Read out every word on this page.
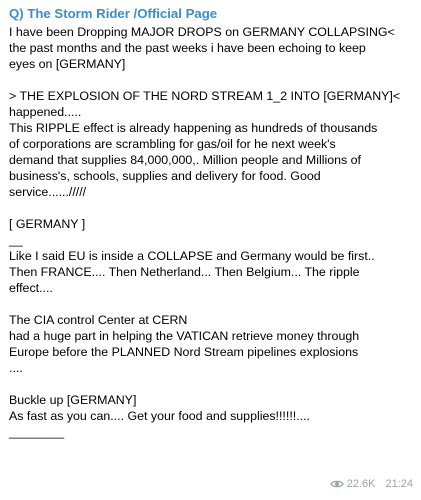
Q) The Storm Rider /Official Page
I have been Dropping MAJOR DROPS on GERMANY COLLAPSING<
the past months and the past weeks i have been echoing to keep
eyes on [GERMANY]
> THE EXPLOSION OF THE NORD STREAM 1_2 INTO [GERMANY]<
happened.....
This RIPPLE effect is already happening as hundreds of thousands
of corporations are scrambling for gas/oil for he next week's
demand that supplies 84,000,000,. Million people and Millions of
business's, schools, supplies and delivery for food. Good
service....../////
[ GERMANY ]
__
Like I said EU is inside a COLLAPSE and Germany would be first..
Then FRANCE.... Then Netherland... Then Belgium... The ripple
effect....
The CIA control Center at CERN
had a huge part in helping the VATICAN retrieve money through
Europe before the PLANNED Nord Stream pipelines explosions
....
Buckle up [GERMANY]
As fast as you can.... Get your food and supplies!!!!!!....
________
22.6K 21:24
